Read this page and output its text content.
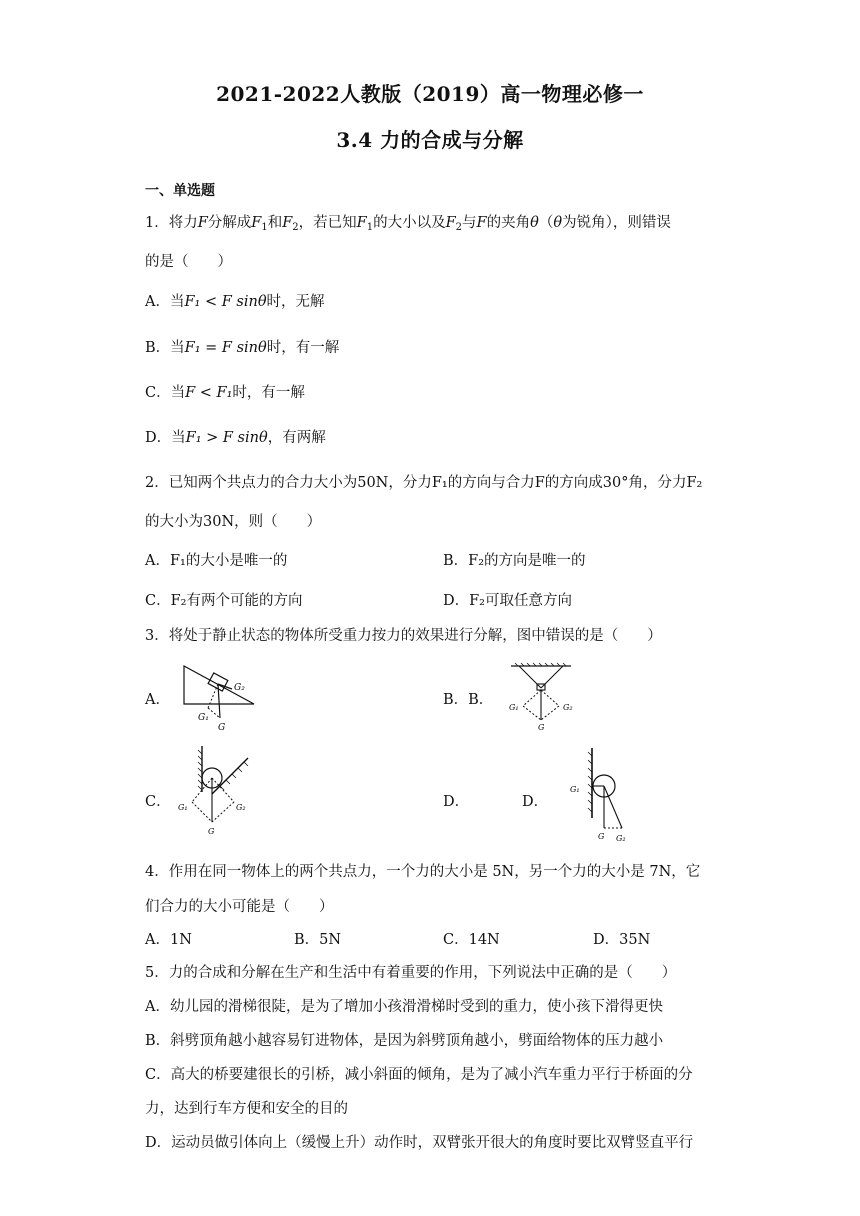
2021-2022人教版（2019）高一物理必修一
3.4 力的合成与分解
一、单选题
1．将力F分解成$F_1$和$F_2$，若已知$F_1$的大小以及$F_2$与F的夹角θ（θ为锐角），则错误
的是（　　）
A．当F₁ < F sinθ时，无解
B．当F₁ = F sinθ时，有一解
C．当F < F₁时，有一解
D．当F₁ > F sinθ，有两解
2．已知两个共点力的合力大小为50N，分力F₁的方向与合力F的方向成30°角，分力F₂
的大小为30N，则（　　）
A．F₁的大小是唯一的	B．F₂的方向是唯一的
C．F₂有两个可能的方向	D．F₂可取任意方向
3．将处于静止状态的物体所受重力按力的效果进行分解，图中错误的是（　　）
A．
G₂
G₁
G
B．B． G₁	G₂
G
C． G₁	G₂
G
D．	D．
G₁
G G₂
4．作用在同一物体上的两个共点力，一个力的大小是 5N，另一个力的大小是 7N，它
们合力的大小可能是（　　）
A．1N	B．5N	C．14N	D．35N
5．力的合成和分解在生产和生活中有着重要的作用，下列说法中正确的是（　　）
A．幼儿园的滑梯很陡，是为了增加小孩滑滑梯时受到的重力，使小孩下滑得更快
B．斜劈顶角越小越容易钉进物体，是因为斜劈顶角越小，劈面给物体的压力越小
C．高大的桥要建很长的引桥，减小斜面的倾角，是为了减小汽车重力平行于桥面的分
力，达到行车方便和安全的目的
D．运动员做引体向上（缓慢上升）动作时，双臂张开很大的角度时要比双臂竖直平行
